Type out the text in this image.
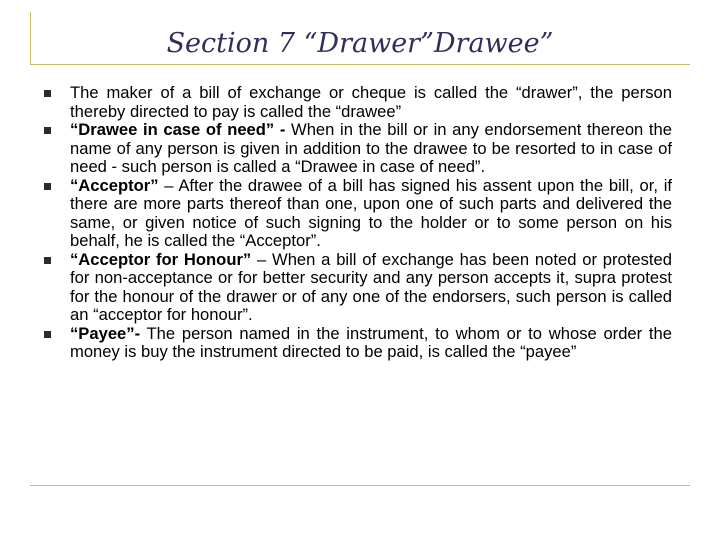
Section 7 “Drawer”Drawee”
The maker of a bill of exchange or cheque is called the “drawer”, the person thereby directed to pay is called the “drawee”
“Drawee in case of need” - When in the bill or in any endorsement thereon the name of any person is given in addition to the drawee to be resorted to in case of need - such person is called a “Drawee in case of need”.
“Acceptor” – After the drawee of a bill has signed his assent upon the bill, or, if there are more parts thereof than one, upon one of such parts and delivered the same, or given notice of such signing to the holder or to some person on his behalf, he is called the “Acceptor”.
“Acceptor for Honour” – When a bill of exchange has been noted or protested for non-acceptance or for better security and any person accepts it, supra protest for the honour of the drawer or of any one of the endorsers, such person is called an “acceptor for honour”.
“Payee”- The person named in the instrument, to whom or to whose order the money is buy the instrument directed to be paid, is called the “payee”
